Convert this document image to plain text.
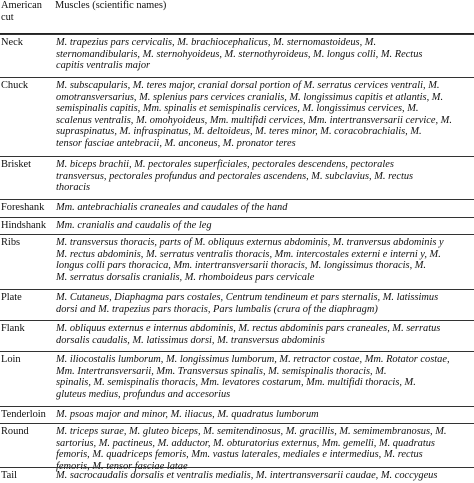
American
cut
Muscles (scientific names)
Neck	M. trapezius pars cervicalis, M. brachiocephalicus, M. sternomastoideus, M.
sternomandibularis, M. sternohyoideus, M. sternothyroideus, M. longus colli, M. Rectus
capitis ventralis major
Chuck	M. subscapularis, M. teres major, cranial dorsal portion of M. serratus cervices ventrali, M.
omotransversarius, M. splenius pars cervices cranialis, M. longissimus capitis et atlantis, M.
semispinalis capitis, Mm. spinalis et semispinalis cervices, M. longissimus cervices, M.
scalenus ventralis, M. omohyoideus, Mm. multifidi cervices, Mm. intertransversarii cervice, M.
supraspinatus, M. infraspinatus, M. deltoideus, M. teres minor, M. coracobrachialis, M.
tensor fasciae antebracii, M. anconeus, M. pronator teres
Brisket	M. biceps brachii, M. pectorales superficiales, pectorales descendens, pectorales
transversus, pectorales profundus and pectorales ascendens, M. subclavius, M. rectus
thoracis
Foreshank	Mm. antebrachialis craneales and caudales of the hand
Hindshank Mm. cranialis and caudalis of the leg
Ribs	M. transversus thoracis, parts of M. obliquus externus abdominis, M. tranversus abdominis y
M. rectus abdominis, M. serratus ventralis thoracis, Mm. intercostales externi e interni y, M.
longus colli pars thoracica, Mm. intertransversarii thoracis, M. longissimus thoracis, M.
M. serratus dorsalis cranialis, M. rhomboideus pars cervicale
Plate	M. Cutaneus, Diaphagma pars costales, Centrum tendineum et pars sternalis, M. latissimus
dorsi and M. trapezius pars thoracis, Pars lumbalis (crura of the diaphragm)
Flank	M. obliquus externus e internus abdominis, M. rectus abdominis pars craneales, M. serratus
dorsalis caudalis, M. latissimus dorsi, M. transversus abdominis
Loin	M. iliocostalis lumborum, M. longissimus lumborum, M. retractor costae, Mm. Rotator costae,
Mm. Intertransversarii, Mm. Transversus spinalis, M. semispinalis thoracis, M.
spinalis, M. semispinalis thoracis, Mm. levatores costarum, Mm. multifidi thoracis, M.
gluteus medius, profundus and accesorius
Tenderloin M. psoas major and minor, M. iliacus, M. quadratus lumborum
Round	M. triceps surae, M. gluteo biceps, M. semitendinosus, M. gracillis, M. semimembranosus, M.
sartorius, M. pactineus, M. adductor, M. obturatorius externus, Mm. gemelli, M. quadratus
femoris, M. quadriceps femoris, Mm. vastus laterales, mediales e intermedius, M. rectus
femoris, M. tensor fasciae latae
Tail	M. sacrocaudalis dorsalis et ventralis medialis, M. intertransversarii caudae, M. coccygeus
